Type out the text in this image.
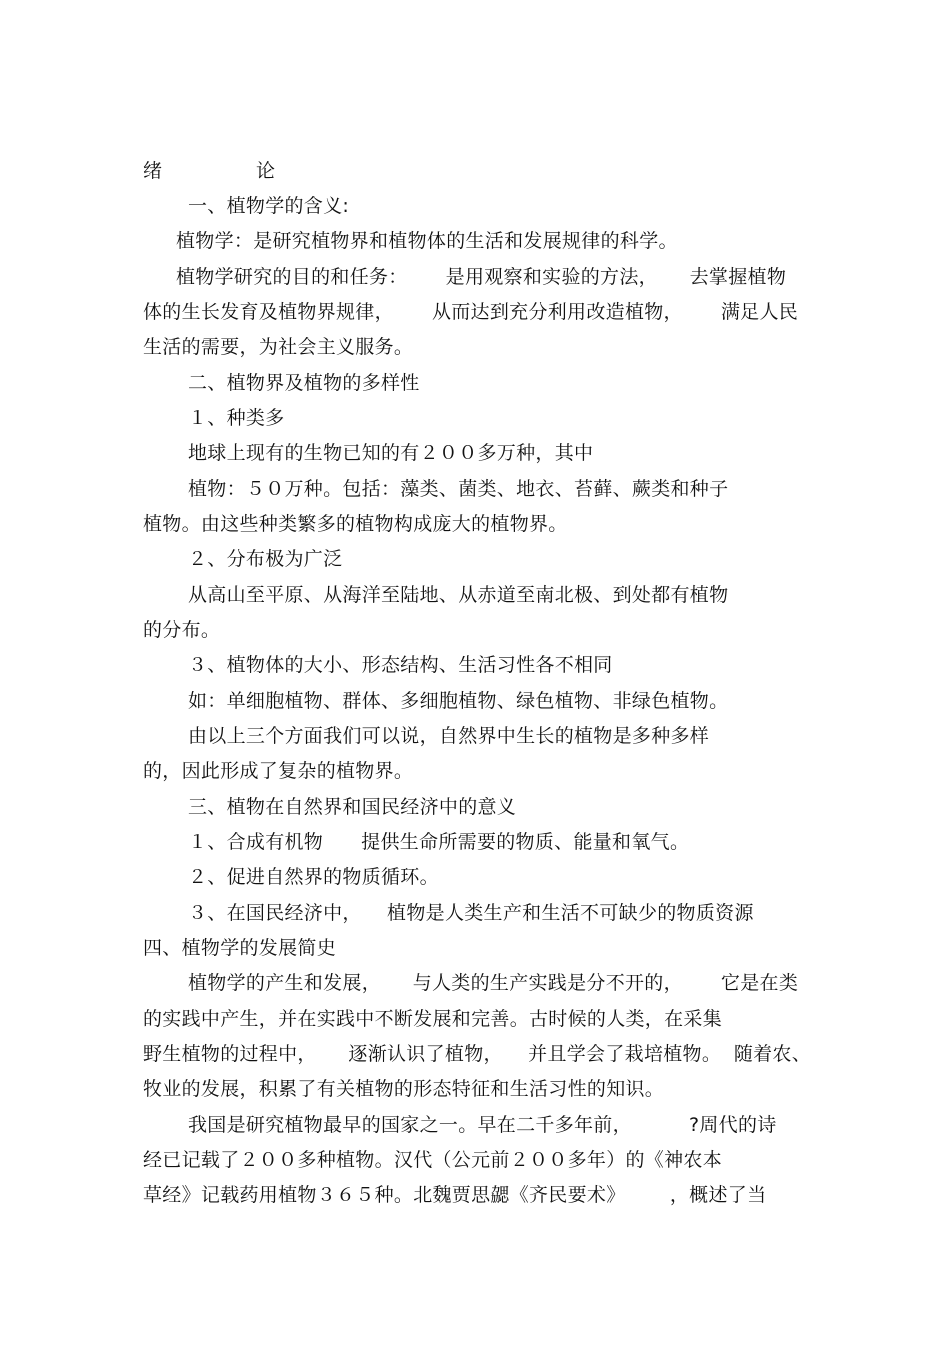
绪	论
一、植物学的含义:
植物学：是研究植物界和植物体的生活和发展规律的科学。
植物学研究的目的和任务：      是用观察和实验的方法，     去掌握植物
体的生长发育及植物界规律，      从而达到充分利用改造植物，      满足人民
生活的需要，为社会主义服务。
二、植物界及植物的多样性
１、种类多
地球上现有的生物已知的有２００多万种，其中
植物：５０万种。包括：藻类、菌类、地衣、苔藓、蕨类和种子
植物。由这些种类繁多的植物构成庞大的植物界。
２、分布极为广泛
从高山至平原、从海洋至陆地、从赤道至南北极、到处都有植物
的分布。
３、植物体的大小、形态结构、生活习性各不相同
如：单细胞植物、群体、多细胞植物、绿色植物、非绿色植物。
由以上三个方面我们可以说，自然界中生长的植物是多种多样
的，因此形成了复杂的植物界。
三、植物在自然界和国民经济中的意义
１、合成有机物      提供生命所需要的物质、能量和氧气。
２、促进自然界的物质循环。
３、在国民经济中，    植物是人类生产和生活不可缺少的物质资源
四、植物学的发展简史
植物学的产生和发展，     与人类的生产实践是分不开的，      它是在类
的实践中产生，并在实践中不断发展和完善。古时候的人类，在采集
野生植物的过程中，     逐渐认识了植物，    并且学会了栽培植物。  随着农、
牧业的发展，积累了有关植物的形态特征和生活习性的知识。
我国是研究植物最早的国家之一。早在二千多年前，         ?周代的诗
经已记载了２００多种植物。汉代（公元前２００多年）的《神农本
草经》记载药用植物３６５种。北魏贾思勰《齐民要术》       ，概述了当
